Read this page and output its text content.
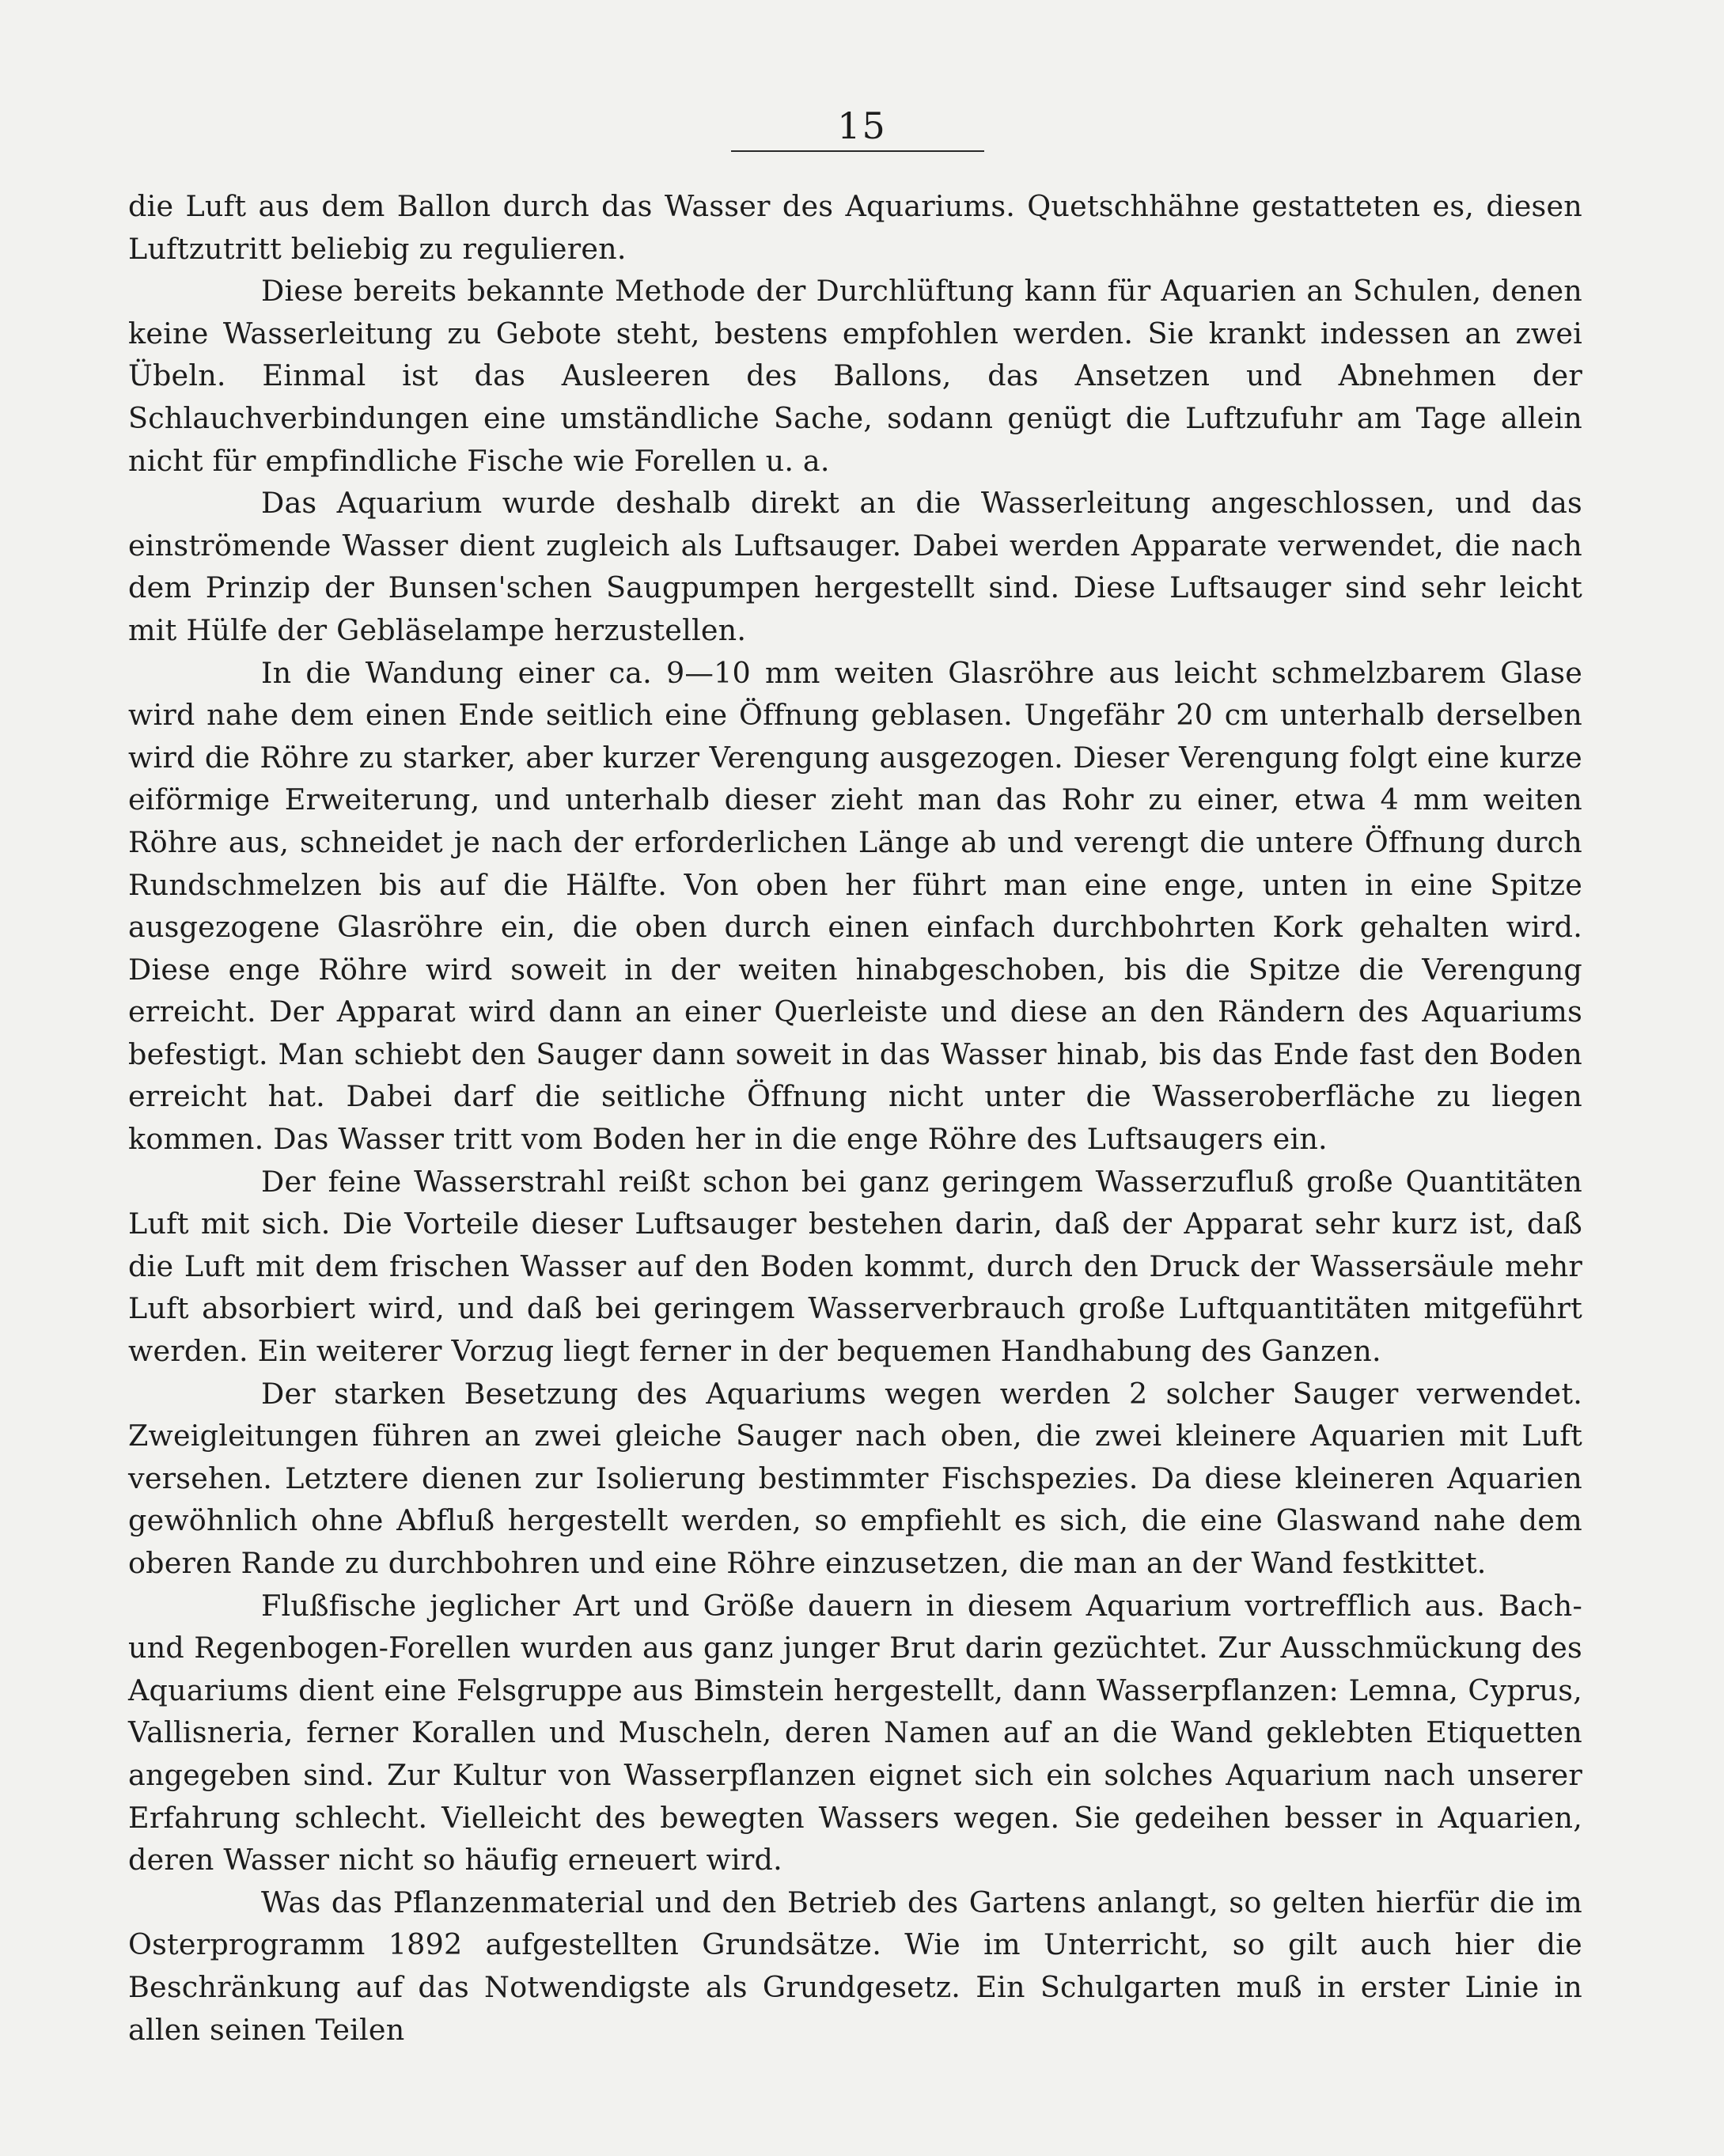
15

die Luft aus dem Ballon durch das Wasser des Aquariums. Quetschhähne gestatteten es, diesen Luftzutritt beliebig zu regulieren.

Diese bereits bekannte Methode der Durchlüftung kann für Aquarien an Schulen, denen keine Wasserleitung zu Gebote steht, bestens empfohlen werden. Sie krankt indessen an zwei Übeln. Einmal ist das Ausleeren des Ballons, das Ansetzen und Abnehmen der Schlauchverbindungen eine umständliche Sache, sodann genügt die Luftzufuhr am Tage allein nicht für empfindliche Fische wie Forellen u. a.

Das Aquarium wurde deshalb direkt an die Wasserleitung angeschlossen, und das einströmende Wasser dient zugleich als Luftsauger. Dabei werden Apparate verwendet, die nach dem Prinzip der Bunsen'schen Saugpumpen hergestellt sind. Diese Luftsauger sind sehr leicht mit Hülfe der Gebläselampe herzustellen.

In die Wandung einer ca. 9—10 mm weiten Glasröhre aus leicht schmelzbarem Glase wird nahe dem einen Ende seitlich eine Öffnung geblasen. Ungefähr 20 cm unterhalb derselben wird die Röhre zu starker, aber kurzer Verengung ausgezogen. Dieser Verengung folgt eine kurze eiförmige Erweiterung, und unterhalb dieser zieht man das Rohr zu einer, etwa 4 mm weiten Röhre aus, schneidet je nach der erforderlichen Länge ab und verengt die untere Öffnung durch Rundschmelzen bis auf die Hälfte. Von oben her führt man eine enge, unten in eine Spitze ausgezogene Glasröhre ein, die oben durch einen einfach durchbohrten Kork gehalten wird. Diese enge Röhre wird soweit in der weiten hinabgeschoben, bis die Spitze die Verengung erreicht. Der Apparat wird dann an einer Querleiste und diese an den Rändern des Aquariums befestigt. Man schiebt den Sauger dann soweit in das Wasser hinab, bis das Ende fast den Boden erreicht hat. Dabei darf die seitliche Öffnung nicht unter die Wasseroberfläche zu liegen kommen. Das Wasser tritt vom Boden her in die enge Röhre des Luftsaugers ein.

Der feine Wasserstrahl reißt schon bei ganz geringem Wasserzufluß große Quantitäten Luft mit sich. Die Vorteile dieser Luftsauger bestehen darin, daß der Apparat sehr kurz ist, daß die Luft mit dem frischen Wasser auf den Boden kommt, durch den Druck der Wassersäule mehr Luft absorbiert wird, und daß bei geringem Wasserverbrauch große Luftquantitäten mitgeführt werden. Ein weiterer Vorzug liegt ferner in der bequemen Handhabung des Ganzen.

Der starken Besetzung des Aquariums wegen werden 2 solcher Sauger verwendet. Zweigleitungen führen an zwei gleiche Sauger nach oben, die zwei kleinere Aquarien mit Luft versehen. Letztere dienen zur Isolierung bestimmter Fischspezies. Da diese kleineren Aquarien gewöhnlich ohne Abfluß hergestellt werden, so empfiehlt es sich, die eine Glaswand nahe dem oberen Rande zu durchbohren und eine Röhre einzusetzen, die man an der Wand festkittet.

Flußfische jeglicher Art und Größe dauern in diesem Aquarium vortrefflich aus. Bach- und Regenbogen-Forellen wurden aus ganz junger Brut darin gezüchtet. Zur Ausschmückung des Aquariums dient eine Felsgruppe aus Bimstein hergestellt, dann Wasserpflanzen: Lemna, Cyprus, Vallisneria, ferner Korallen und Muscheln, deren Namen auf an die Wand geklebten Etiquetten angegeben sind. Zur Kultur von Wasserpflanzen eignet sich ein solches Aquarium nach unserer Erfahrung schlecht. Vielleicht des bewegten Wassers wegen. Sie gedeihen besser in Aquarien, deren Wasser nicht so häufig erneuert wird.

Was das Pflanzenmaterial und den Betrieb des Gartens anlangt, so gelten hierfür die im Osterprogramm 1892 aufgestellten Grundsätze. Wie im Unterricht, so gilt auch hier die Beschränkung auf das Notwendigste als Grundgesetz. Ein Schulgarten muß in erster Linie in allen seinen Teilen
